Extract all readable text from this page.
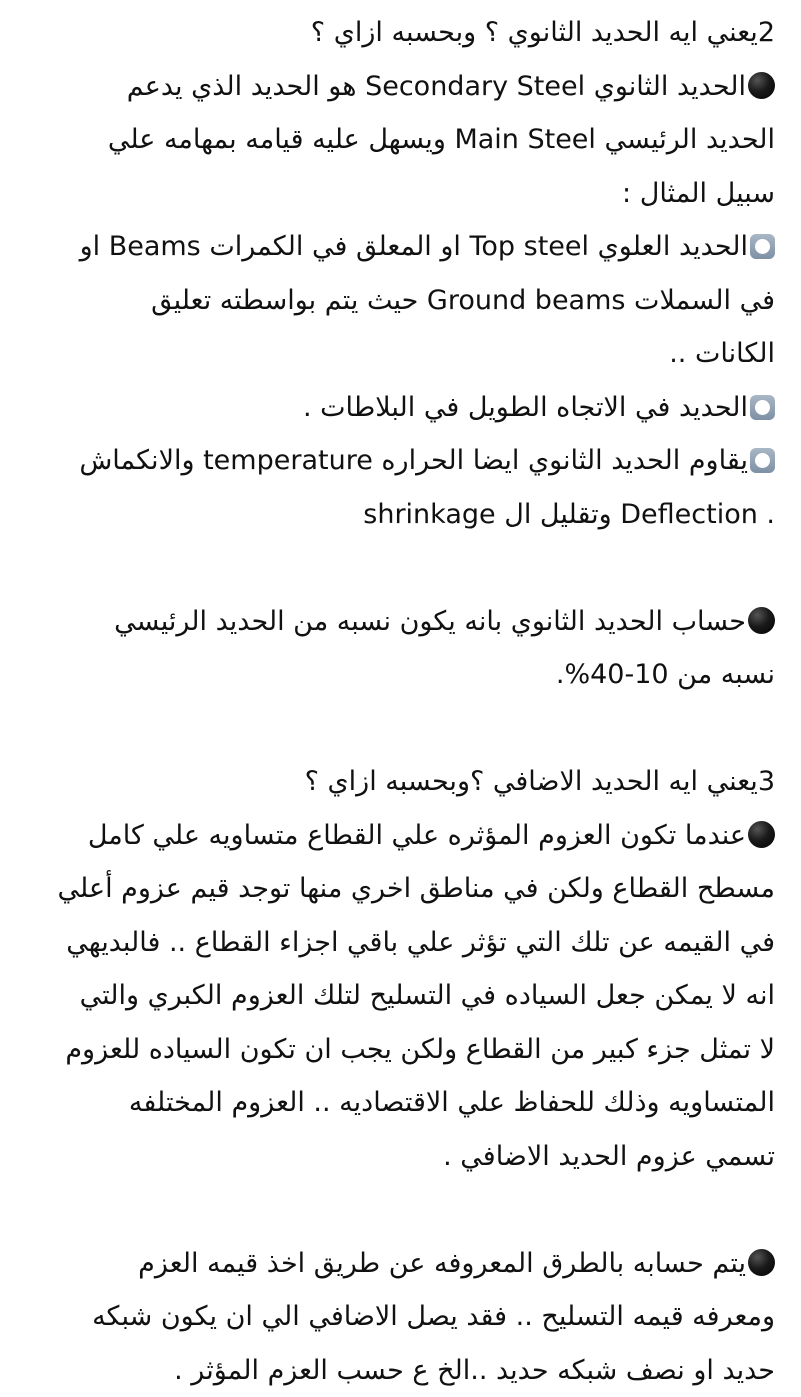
2يعني ايه الحديد الثانوي ؟ وبحسبه ازاي ؟
الحديد الثانوي Secondary Steel هو الحديد الذي يدعم
الحديد الرئيسي Main Steel ويسهل عليه قيامه بمهامه علي
سبيل المثال :
الحديد العلوي Top steel او المعلق في الكمرات Beams او
في السملات Ground beams حيث يتم بواسطته تعليق
الكانات ..
الحديد في الاتجاه الطويل في البلاطات .
يقاوم الحديد الثانوي ايضا الحراره temperature والانكماش
shrinkage وتقليل ال Deflection .
حساب الحديد الثانوي بانه يكون نسبه من الحديد الرئيسي
نسبه من 10-40%.
3يعني ايه الحديد الاضافي ؟وبحسبه ازاي ؟
عندما تكون العزوم المؤثره علي القطاع متساويه علي كامل
مسطح القطاع ولكن في مناطق اخري منها توجد قيم عزوم أعلي
في القيمه عن تلك التي تؤثر علي باقي اجزاء القطاع .. فالبديهي
انه لا يمكن جعل السياده في التسليح لتلك العزوم الكبري والتي
لا تمثل جزء كبير من القطاع ولكن يجب ان تكون السياده للعزوم
المتساويه وذلك للحفاظ علي الاقتصاديه .. العزوم المختلفه
تسمي عزوم الحديد الاضافي .
يتم حسابه بالطرق المعروفه عن طريق اخذ قيمه العزم
ومعرفه قيمه التسليح .. فقد يصل الاضافي الي ان يكون شبكه
حديد او نصف شبكه حديد ..الخ ع حسب العزم المؤثر .
